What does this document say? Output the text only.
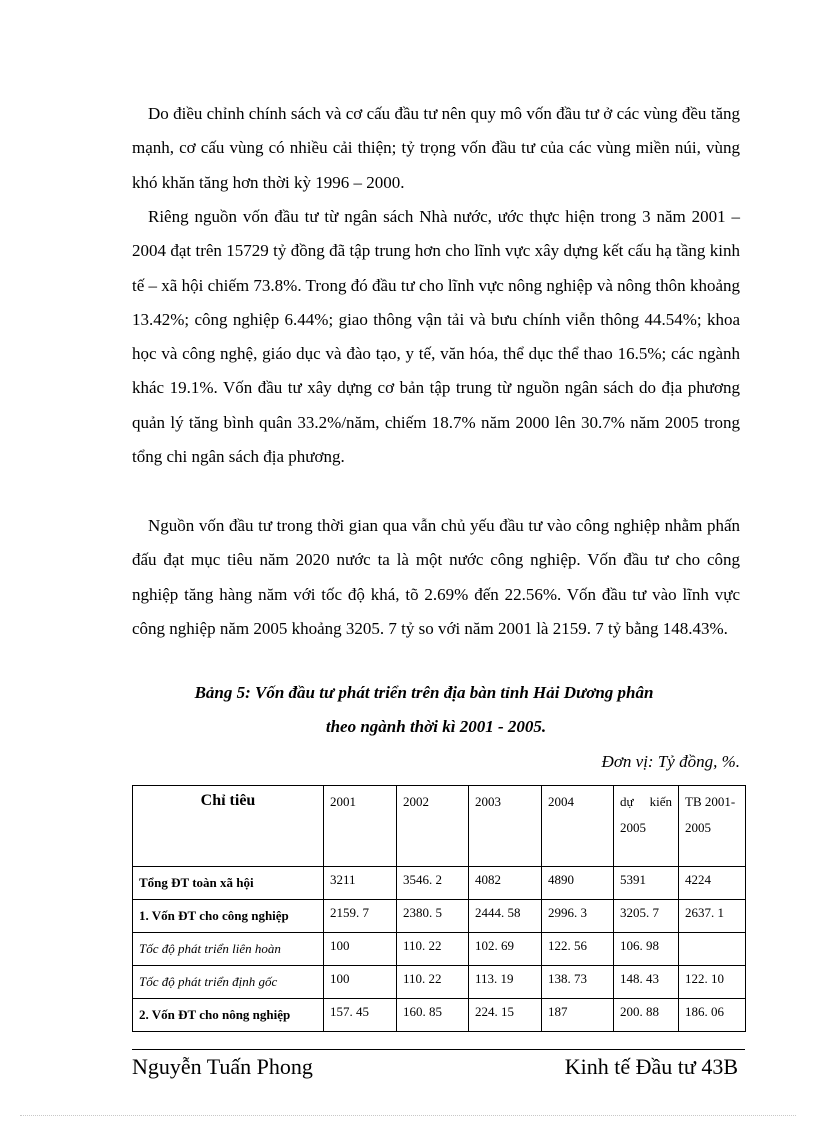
Do điều chỉnh chính sách và cơ cấu đầu tư nên quy mô vốn đầu tư ở các vùng đều tăng mạnh, cơ cấu vùng có nhiều cải thiện; tỷ trọng vốn đầu tư của các vùng miền núi, vùng khó khăn tăng hơn thời kỳ 1996 – 2000.

Riêng nguồn vốn đầu tư từ ngân sách Nhà nước, ước thực hiện trong 3 năm 2001 – 2004 đạt trên 15729 tỷ đồng đã tập trung hơn cho lĩnh vực xây dựng kết cấu hạ tầng kinh tế – xã hội chiếm 73.8%. Trong đó đầu tư cho lĩnh vực nông nghiệp và nông thôn khoảng 13.42%; công nghiệp 6.44%; giao thông vận tải và bưu chính viễn thông 44.54%; khoa học và công nghệ, giáo dục và đào tạo, y tế, văn hóa, thể dục thể thao 16.5%; các ngành khác 19.1%. Vốn đầu tư xây dựng cơ bản tập trung từ nguồn ngân sách do địa phương quản lý tăng bình quân 33.2%/năm, chiếm 18.7% năm 2000 lên 30.7% năm 2005 trong tổng chi ngân sách địa phương.

Nguồn vốn đầu tư trong thời gian qua vẫn chủ yếu đầu tư vào công nghiệp nhằm phấn đấu đạt mục tiêu năm 2020 nước ta là một nước công nghiệp. Vốn đầu tư cho công nghiệp tăng hàng năm với tốc độ khá, tõ 2.69% đến 22.56%. Vốn đầu tư vào lĩnh vực công nghiệp năm 2005 khoảng 3205. 7 tỷ so với năm 2001 là 2159. 7 tỷ bằng 148.43%.

Bảng 5: Vốn đầu tư phát triển trên địa bàn tỉnh Hải Dương phân

theo ngành thời kì 2001 - 2005.

Đơn vị: Tỷ đồng, %.

Chỉ tiêu	2001	2002	2003	2004	dự kiến 2005	TB 2001- 2005
Tổng ĐT toàn xã hội	3211	3546. 2	4082	4890	5391	4224
1. Vốn ĐT cho công nghiệp	2159. 7	2380. 5	2444. 58	2996. 3	3205. 7	2637. 1
Tốc độ phát triển liên hoàn	100	110. 22	102. 69	122. 56	106. 98	
Tốc độ phát triển định gốc	100	110. 22	113. 19	138. 73	148. 43	122. 10
2. Vốn ĐT cho nông nghiệp	157. 45	160. 85	224. 15	187	200. 88	186. 06

Nguyễn Tuấn Phong	Kinh tế Đầu tư 43B
